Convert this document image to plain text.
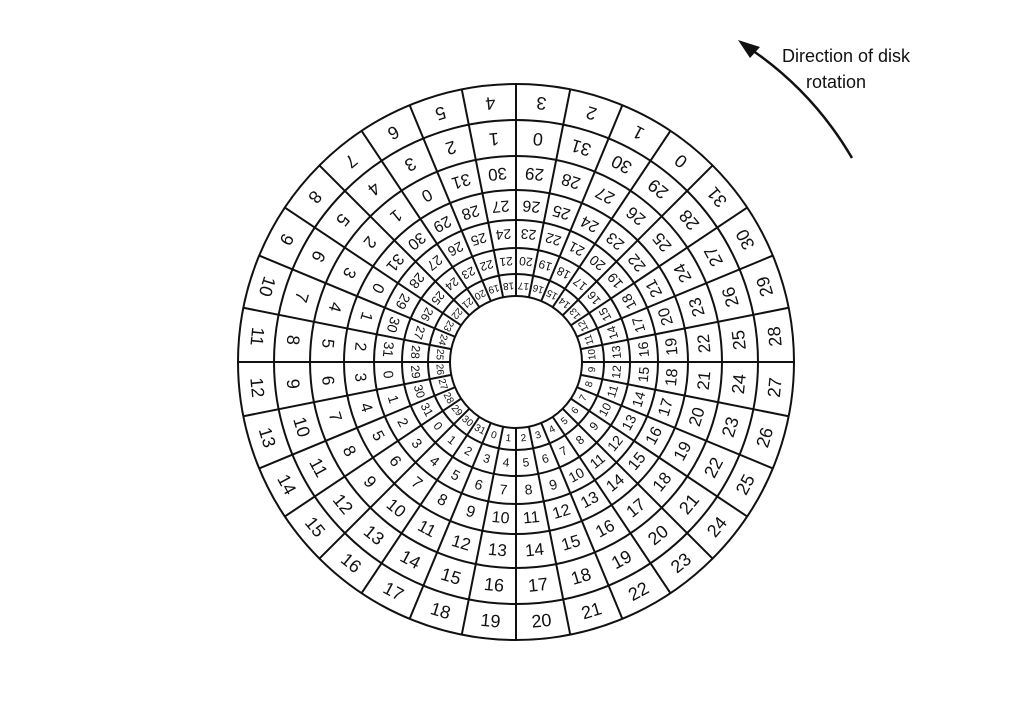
1 2 3 4
5
6
7
8
9
10
11
12
13
14
15
16
17
18
19
20
21
22
23
24
25
26
27
28
29
30
31 0
4 5 6 7
8
9
10
11
12
13
14
15
16
17
18
19
20
21
22
23
24
25
26
27
28
29
30
31
0
1
2 3
7 8 9 10
11
12
13
14
15
16
17
18
19
20
21
22
23
24
25
26
27
28
29
30
31
0
1
2
3
4
5
6
10 11 12
13
14
15
16
17
18
19
20
21
22
23
24
25
26
27
28
29
30
31
0
1
2
3
4
5
6
7
8
9
13 14 15
16
17
18
19
20
21
22
23
24
25
26
27
28
29
30
31
0
1
2
3
4
5
6
7
8
9
10
11
12
16 17 18
19
20
21
22
23
24
25
26
27
28
29
30
31
0
1
2
3
4
5
6
7
8
9
10
11
12
13
14
15
19 20 21
22
23
24
25
26
27
28
29
30
31
0
1
2
3
4
5
6
7
8
9
10
11
12
13
14
15
16
17
18
Direction of disk
rotation
